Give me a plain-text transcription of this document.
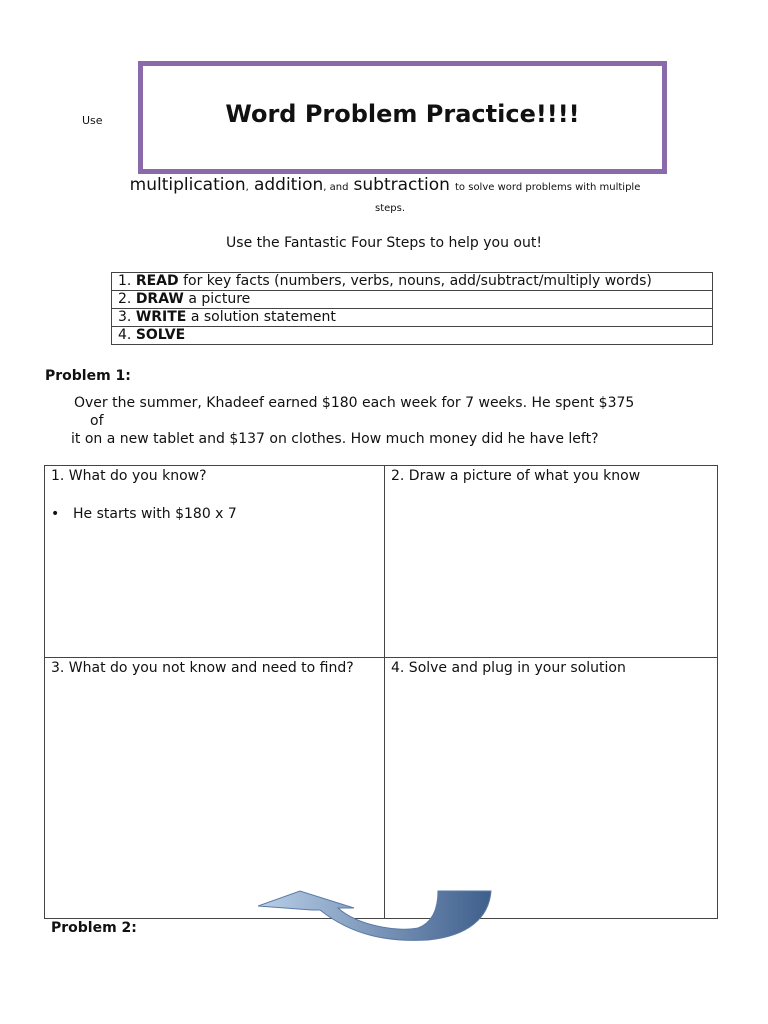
Use	Word Problem Practice!!!!
multiplication, addition, and subtraction to solve word problems with multiple
steps.
Use the Fantastic Four Steps to help you out!
1. READ for key facts (numbers, verbs, nouns, add/subtract/multiply words)
2. DRAW a picture
3. WRITE a solution statement
4. SOLVE
Problem 1:
Over the summer, Khadeef earned $180 each week for 7 weeks. He spent $375
of
it on a new tablet and $137 on clothes. How much money did he have left?
1. What do you know?
• He starts with $180 x 7
2. Draw a picture of what you know
3. What do you not know and need to find?	4. Solve and plug in your solution
Problem 2:
